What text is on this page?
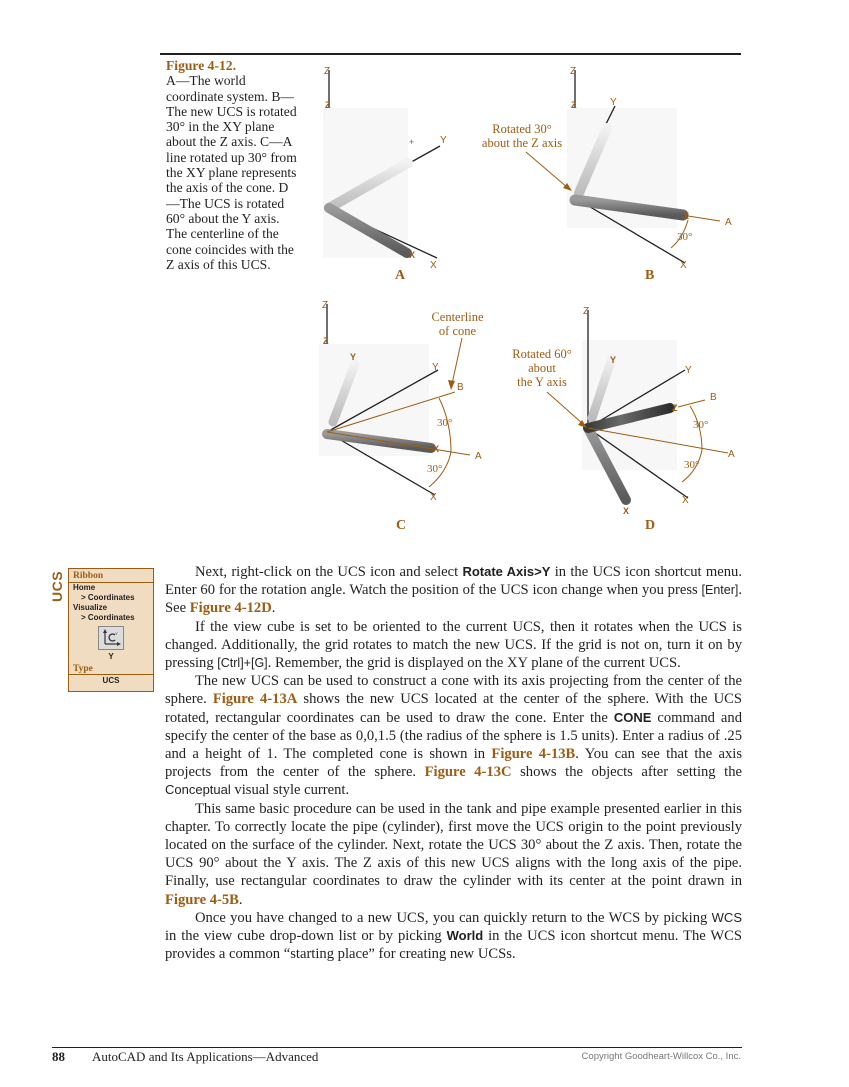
Figure 4-12.
A—The world coordinate system. B—The new UCS is rotated 30° in the XY plane about the Z axis. C—A line rotated up 30° from the XY plane represents the axis of the cone. D—The UCS is rotated 60° about the Y axis. The centerline of the cone coincides with the Z axis of this UCS.
Z
Z
+	Y
X
X
A
Z
A
30°
X
Y
X
Z
Rotated 30°
about the Z axis
B
Z
B
A
30°
30°
Y
X
Y
X
Z
Centerline
of cone
C
Z
B
A
30°
30°
Y
Z
X
Y
X
Rotated 60°
about
the Y axis
D
UCS Ribbon
Home
> Coordinates
Visualize
> Coordinates
Y
Y
Type
UCS

Next, right-click on the UCS icon and select Rotate Axis>Y in the UCS icon shortcut menu. Enter 60 for the rotation angle. Watch the position of the UCS icon change when you press [Enter]. See Figure 4-12D.

If the view cube is set to be oriented to the current UCS, then it rotates when the UCS is changed. Additionally, the grid rotates to match the new UCS. If the grid is not on, turn it on by pressing [Ctrl]+[G]. Remember, the grid is displayed on the XY plane of the current UCS.

The new UCS can be used to construct a cone with its axis projecting from the center of the sphere. Figure 4-13A shows the new UCS located at the center of the sphere. With the UCS rotated, rectangular coordinates can be used to draw the cone. Enter the CONE command and specify the center of the base as 0,0,1.5 (the radius of the sphere is 1.5 units). Enter a radius of .25 and a height of 1. The completed cone is shown in Figure 4-13B. You can see that the axis projects from the center of the sphere. Figure 4-13C shows the objects after setting the Conceptual visual style current.

This same basic procedure can be used in the tank and pipe example presented earlier in this chapter. To correctly locate the pipe (cylinder), first move the UCS origin to the point previously located on the surface of the cylinder. Next, rotate the UCS 30° about the Z axis. Then, rotate the UCS 90° about the Y axis. The Z axis of this new UCS aligns with the long axis of the pipe. Finally, use rectangular coordinates to draw the cylinder with its center at the point drawn in Figure 4-5B.

Once you have changed to a new UCS, you can quickly return to the WCS by picking WCS in the view cube drop-down list or by picking World in the UCS icon shortcut menu. The WCS provides a common “starting place” for creating new UCSs.

88 AutoCAD and Its Applications—Advanced	Copyright Goodheart-Willcox Co., Inc.
